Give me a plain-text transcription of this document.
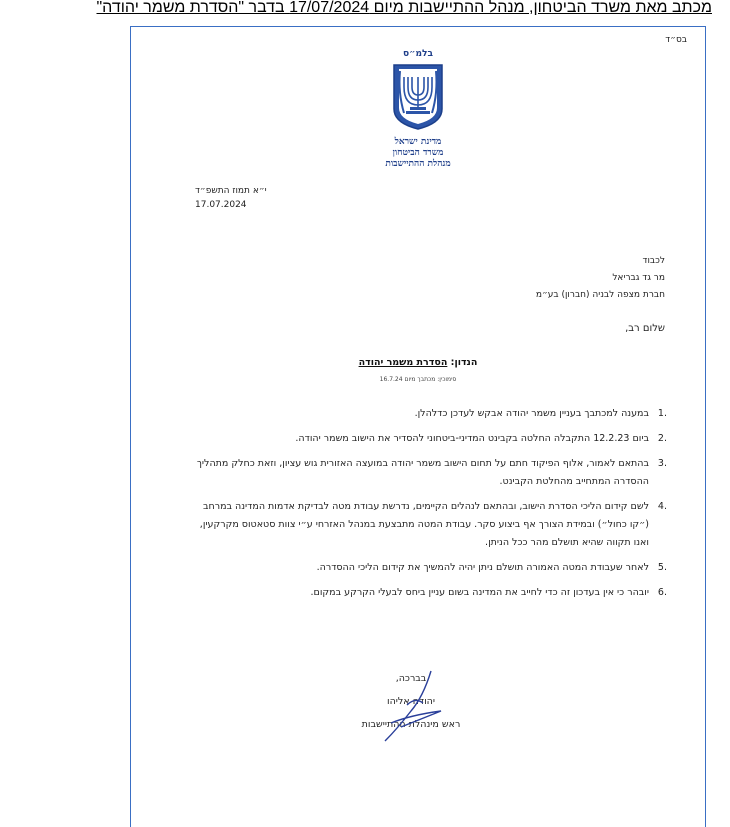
מכתב מאת משרד הביטחון, מנהל ההתיישבות מיום 17/07/2024 בדבר "הסדרת משמר יהודה"
בס״ד
בלמ״ס
מדינת ישראל
משרד הביטחון
מנהלת ההתיישבות
י״א תמוז התשפ״ד
17.07.2024
לכבוד
מר גד גבריאל
חברת מצפה לבניה (חברון) בע״מ
שלום רב,
הנדון: הסדרת משמר יהודה
סימוכין: מכתבך מיום 16.7.24
.1
במענה למכתבך בעניין משמר יהודה אבקש לעדכן כדלהלן.
.2
ביום 12.2.23 התקבלה החלטה בקבינט המדיני-ביטחוני להסדיר את הישוב משמר יהודה.
.3
בהתאם לאמור, אלוף הפיקוד חתם על תחום הישוב משמר יהודה במועצה האזורית גוש עציון, וזאת כחלק מתהליך ההסדרה המתחייב מהחלטת הקבינט.
.4
לשם קידום הליכי הסדרת הישוב, ובהתאם לנהלים הקיימים, נדרשת עבודת מטה לבדיקת אדמות המדינה במרחב (״קו כחול״) ובמידת הצורך אף ביצוע סקר. עבודת המטה מתבצעת במנהל האזרחי ע״י צוות סטאטוס מקרקעין, ואנו תקווה שהיא תושלם מהר ככל הניתן.
.5
לאחר שעבודת המטה האמורה תושלם ניתן יהיה להמשיך את קידום הליכי ההסדרה.
.6
יובהר כי אין בעדכון זה כדי לחייב את המדינה בשום עניין ביחס לבעלי הקרקע במקום.
בברכה,
יהודה אליהו
ראש מינהלת ההתיישבות
